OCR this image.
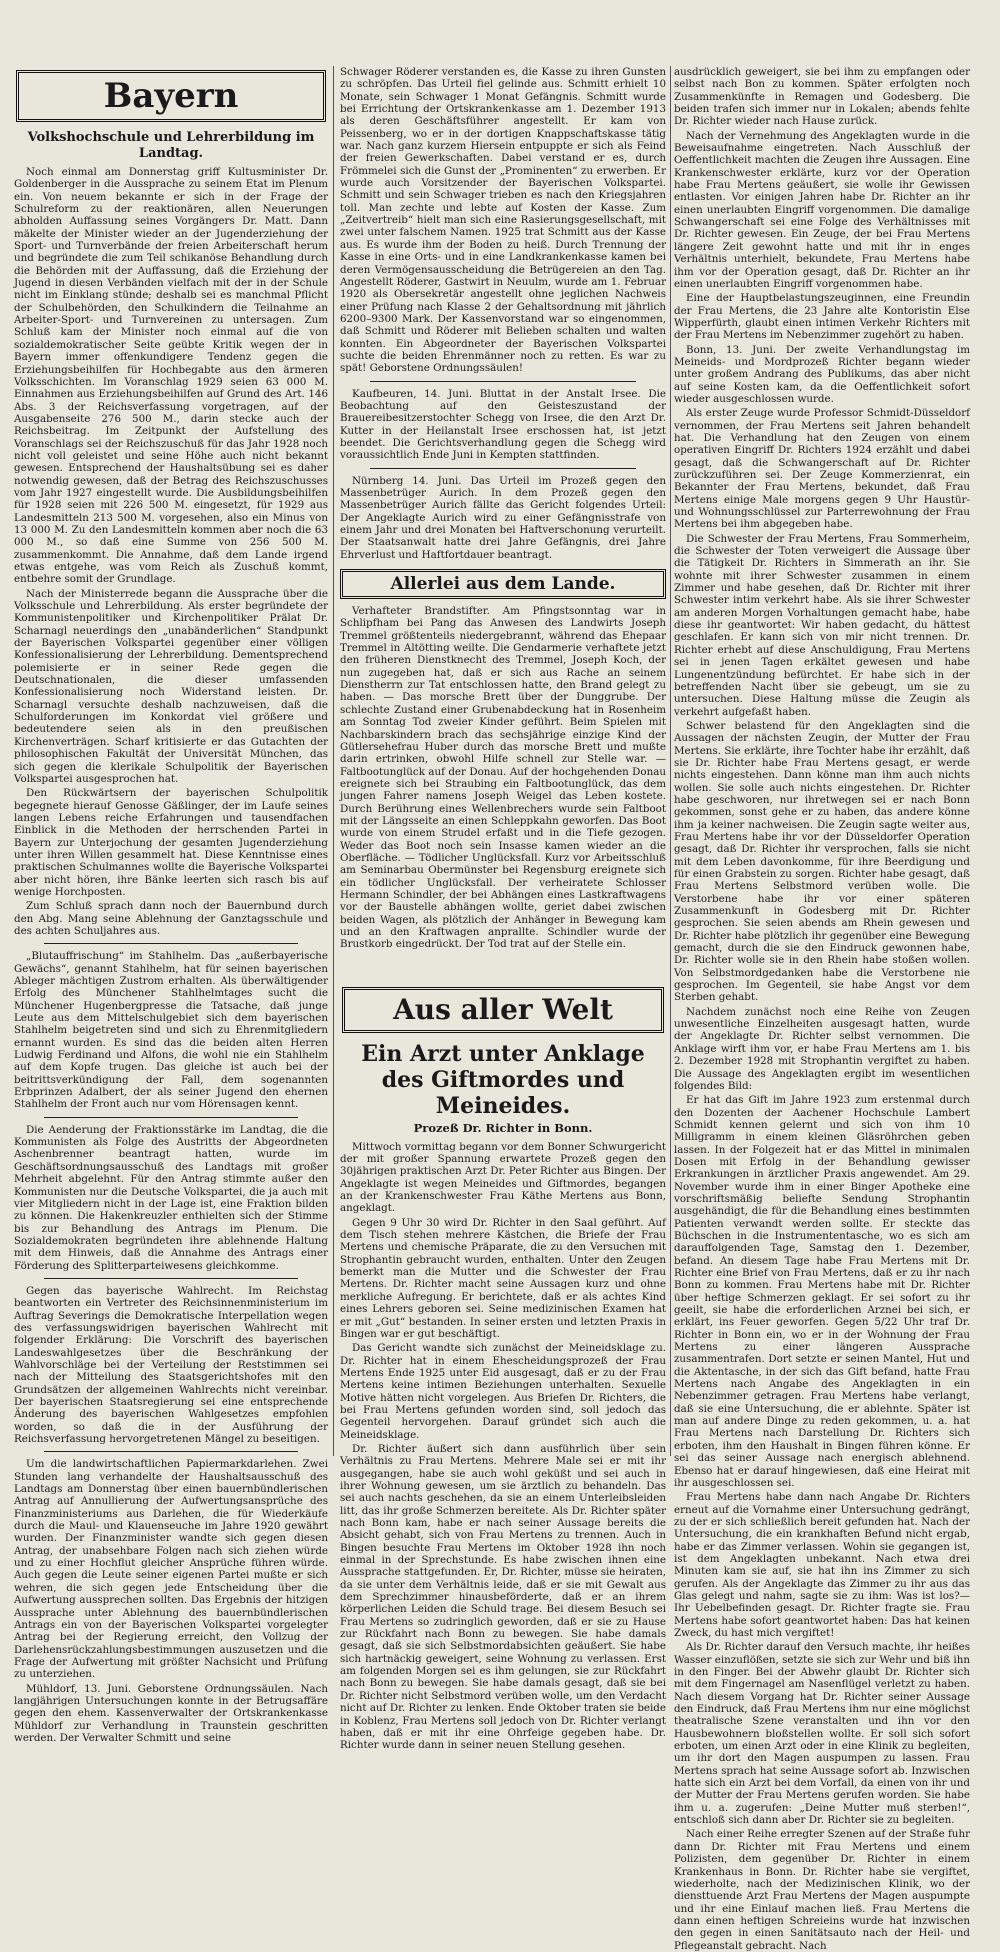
Bayern
Volkshochschule und Lehrerbildung im Landtag.

Noch einmal am Donnerstag griff Kultusminister Dr. Goldenberger in die Aussprache zu seinem Etat im Plenum ein. Von neuem bekannte er sich in der Frage der Schulreform zu der reaktionären, allen Neuerungen abholden Auffassung seines Vorgängers Dr. Matt. Dann mäkelte der Minister wieder an der Jugenderziehung der Sport- und Turnverbände der freien Arbeiterschaft herum und begründete die zum Teil schikanöse Behandlung durch die Behörden mit der Auffassung, daß die Erziehung der Jugend in diesen Verbänden vielfach mit der in der Schule nicht im Einklang stünde; deshalb sei es manchmal Pflicht der Schulbehörden, den Schulkindern die Teilnahme an Arbeiter-Sport- und Turnvereinen zu untersagen. Zum Schluß kam der Minister noch einmal auf die von sozialdemokratischer Seite geübte Kritik wegen der in Bayern immer offenkundigere Tendenz gegen die Erziehungsbeihilfen für Hochbegabte aus den ärmeren Volksschichten. Im Voranschlag 1929 seien 63 000 M. Einnahmen aus Erziehungsbeihilfen auf Grund des Art. 146 Abs. 3 der Reichsverfassung vorgetragen, auf der Ausgabenseite 276 500 M., darin stecke auch der Reichsbeitrag. Im Zeitpunkt der Aufstellung des Voranschlags sei der Reichszuschuß für das Jahr 1928 noch nicht voll geleistet und seine Höhe auch nicht bekannt gewesen. Entsprechend der Haushaltsübung sei es daher notwendig gewesen, daß der Betrag des Reichszuschusses vom Jahr 1927 eingestellt wurde. Die Ausbildungsbeihilfen für 1928 seien mit 226 500 M. eingesetzt, für 1929 aus Landesmitteln 213 500 M. vorgesehen, also ein Minus von 13 000 M. Zu den Landesmitteln kommen aber noch die 63 000 M., so daß eine Summe von 256 500 M. zusammenkommt. Die Annahme, daß dem Lande irgend etwas entgehe, was vom Reich als Zuschuß kommt, entbehre somit der Grundlage.

Nach der Ministerrede begann die Aussprache über die Volksschule und Lehrerbildung. Als erster begründete der Kommunistenpolitiker und Kirchenpolitiker Prälat Dr. Scharnagl neuerdings den „unabänderlichen“ Standpunkt der Bayerischen Volkspartei gegenüber einer völligen Konfessionalisierung der Lehrerbildung. Dementsprechend polemisierte er in seiner Rede gegen die Deutschnationalen, die dieser umfassenden Konfessionalisierung noch Widerstand leisten. Dr. Scharnagl versuchte deshalb nachzuweisen, daß die Schulforderungen im Konkordat viel größere und bedeutendere seien als in den preußischen Kirchenverträgen. Scharf kritisierte er das Gutachten der philosophischen Fakultät der Universität München, das sich gegen die klerikale Schulpolitik der Bayerischen Volkspartei ausgesprochen hat.

Den Rückwärtsern der bayerischen Schulpolitik begegnete hierauf Genosse Gäßlinger, der im Laufe seines langen Lebens reiche Erfahrungen und tausendfachen Einblick in die Methoden der herrschenden Partei in Bayern zur Unterjochung der gesamten Jugenderziehung unter ihren Willen gesammelt hat. Diese Kenntnisse eines praktischen Schulmannes wollte die Bayerische Volkspartei aber nicht hören, ihre Bänke leerten sich rasch bis auf wenige Horchposten.

Zum Schluß sprach dann noch der Bauernbund durch den Abg. Mang seine Ablehnung der Ganztagsschule und des achten Schuljahres aus.

„Blutauffrischung“ im Stahlhelm. Das „außerbayerische Gewächs“, genannt Stahlhelm, hat für seinen bayerischen Ableger mächtigen Zustrom erhalten. Als überwältigender Erfolg des Münchener Stahlhelmtages sucht die Münchener Hugenbergpresse die Tatsache, daß junge Leute aus dem Mittelschulgebiet sich dem bayerischen Stahlhelm beigetreten sind und sich zu Ehrenmitgliedern ernannt wurden. Es sind das die beiden alten Herren Ludwig Ferdinand und Alfons, die wohl nie ein Stahlhelm auf dem Kopfe trugen. Das gleiche ist auch bei der beitrittsverkündigung der Fall, dem sogenannten Erbprinzen Adalbert, der als seiner Jugend den ehernen Stahlhelm der Front auch nur vom Hörensagen kennt.

Die Aenderung der Fraktionsstärke im Landtag, die die Kommunisten als Folge des Austritts der Abgeordneten Aschenbrenner beantragt hatten, wurde im Geschäftsordnungsausschuß des Landtags mit großer Mehrheit abgelehnt. Für den Antrag stimmte außer den Kommunisten nur die Deutsche Volkspartei, die ja auch mit vier Mitgliedern nicht in der Lage ist, eine Fraktion bilden zu können. Die Hakenkreuzler enthielten sich der Stimme bis zur Behandlung des Antrags im Plenum. Die Sozialdemokraten begründeten ihre ablehnende Haltung mit dem Hinweis, daß die Annahme des Antrags einer Förderung des Splitterparteiwesens gleichkomme.

Gegen das bayerische Wahlrecht. Im Reichstag beantworten ein Vertreter des Reichsinnenministerium im Auftrag Severings die Demokratische Interpellation wegen des verfassungswidrigen bayerischen Wahlrecht mit folgender Erklärung: Die Vorschrift des bayerischen Landeswahlgesetzes über die Beschränkung der Wahlvorschläge bei der Verteilung der Reststimmen sei nach der Mitteilung des Staatsgerichtshofes mit den Grundsätzen der allgemeinen Wahlrechts nicht vereinbar. Der bayerischen Staatsregierung sei eine entsprechende Änderung des bayerischen Wahlgesetzes empfohlen worden, so daß die in der Ausführung der Reichsverfassung hervorgetretenen Mängel zu beseitigen.

Um die landwirtschaftlichen Papiermarkdarlehen. Zwei Stunden lang verhandelte der Haushaltsausschuß des Landtags am Donnerstag über einen bauernbündlerischen Antrag auf Annullierung der Aufwertungsansprüche des Finanzministeriums aus Darlehen, die für Wiederkäufe durch die Maul- und Klauenseuche im Jahre 1920 gewährt wurden. Der Finanzminister wandte sich gegen diesen Antrag, der unabsehbare Folgen nach sich ziehen würde und zu einer Hochflut gleicher Ansprüche führen würde. Auch gegen die Leute seiner eigenen Partei mußte er sich wehren, die sich gegen jede Entscheidung über die Aufwertung aussprechen sollten. Das Ergebnis der hitzigen Aussprache unter Ablehnung des bauernbündlerischen Antrags ein von der Bayerischen Volkspartei vorgelegter Antrag bei der Regierung erreicht, den Vollzug der Darlehensrückzahlungsbestimmungen auszusetzen und die Frage der Aufwertung mit größter Nachsicht und Prüfung zu unterziehen.

Mühldorf, 13. Juni. Geborstene Ordnungssäulen. Nach langjährigen Untersuchungen konnte in der Betrugsaffäre gegen den ehem. Kassenverwalter der Ortskrankenkasse Mühldorf zur Verhandlung in Traunstein geschritten werden. Der Verwalter Schmitt und seine

Schwager Röderer verstanden es, die Kasse zu ihren Gunsten zu schröpfen. Das Urteil fiel gelinde aus. Schmitt erhielt 10 Monate, sein Schwager 1 Monat Gefängnis. Schmitt wurde bei Errichtung der Ortskrankenkasse am 1. Dezember 1913 als deren Geschäftsführer angestellt. Er kam von Peissenberg, wo er in der dortigen Knappschaftskasse tätig war. Nach ganz kurzem Hiersein entpuppte er sich als Feind der freien Gewerkschaften. Dabei verstand er es, durch Frömmelei sich die Gunst der „Prominenten“ zu erwerben. Er wurde auch Vorsitzender der Bayerischen Volkspartei. Schmitt und sein Schwager trieben es nach den Kriegsjahren toll. Man zechte und lebte auf Kosten der Kasse. Zum „Zeitvertreib“ hielt man sich eine Rasierungsgesellschaft, mit zwei unter falschem Namen. 1925 trat Schmitt aus der Kasse aus. Es wurde ihm der Boden zu heiß. Durch Trennung der Kasse in eine Orts- und in eine Landkrankenkasse kamen bei deren Vermögensausscheidung die Betrügereien an den Tag. Angestellt Röderer, Gastwirt in Neuulm, wurde am 1. Februar 1920 als Obersekretär angestellt ohne jeglichen Nachweis einer Prüfung nach Klasse 2 der Gehaltsordnung mit jährlich 6200–9300 Mark. Der Kassenvorstand war so eingenommen, daß Schmitt und Röderer mit Belieben schalten und walten konnten. Ein Abgeordneter der Bayerischen Volkspartei suchte die beiden Ehrenmänner noch zu retten. Es war zu spät! Geborstene Ordnungssäulen!

Kaufbeuren, 14. Juni. Bluttat in der Anstalt Irsee. Die Beobachtung auf den Geisteszustand der Brauereibesitzerstochter Schegg von Irsee, die den Arzt Dr. Kutter in der Heilanstalt Irsee erschossen hat, ist jetzt beendet. Die Gerichtsverhandlung gegen die Schegg wird voraussichtlich Ende Juni in Kempten stattfinden.

Nürnberg 14. Juni. Das Urteil im Prozeß gegen den Massenbetrüger Aurich. In dem Prozeß gegen den Massenbetrüger Aurich fällte das Gericht folgendes Urteil: Der Angeklagte Aurich wird zu einer Gefängnisstrafe von einem Jahr und drei Monaten bei Haftverschonung verurteilt. Der Staatsanwalt hatte drei Jahre Gefängnis, drei Jahre Ehrverlust und Haftfortdauer beantragt.

Allerlei aus dem Lande.

Verhafteter Brandstifter. Am Pfingstsonntag war in Schlipfham bei Pang das Anwesen des Landwirts Joseph Tremmel größtenteils niedergebrannt, während das Ehepaar Tremmel in Altötting weilte. Die Gendarmerie verhaftete jetzt den früheren Dienstknecht des Tremmel, Joseph Koch, der nun zugegeben hat, daß er sich aus Rache an seinem Dienstherrn zur Tat entschlossen hatte, den Brand gelegt zu haben. — Das morsche Brett über der Dunggrube. Der schlechte Zustand einer Grubenabdeckung hat in Rosenheim am Sonntag Tod zweier Kinder geführt. Beim Spielen mit Nachbarskindern brach das sechsjährige einzige Kind der Gütlersehefrau Huber durch das morsche Brett und mußte darin ertrinken, obwohl Hilfe schnell zur Stelle war. — Faltbootunglück auf der Donau. Auf der hochgehenden Donau ereignete sich bei Straubing ein Faltbootunglück, das dem jungen Fahrer namens Joseph Weigel das Leben kostete. Durch Berührung eines Wellenbrechers wurde sein Faltboot mit der Längsseite an einen Schleppkahn geworfen. Das Boot wurde von einem Strudel erfaßt und in die Tiefe gezogen. Weder das Boot noch sein Insasse kamen wieder an die Oberfläche. — Tödlicher Unglücksfall. Kurz vor Arbeitsschluß am Seminarbau Obermünster bei Regensburg ereignete sich ein tödlicher Unglücksfall. Der verheiratete Schlosser Hermann Schindler, der bei Abhängen eines Lastkraftwagens vor der Baustelle abhängen wollte, geriet dabei zwischen beiden Wagen, als plötzlich der Anhänger in Bewegung kam und an den Kraftwagen anprallte. Schindler wurde der Brustkorb eingedrückt. Der Tod trat auf der Stelle ein.

Aus aller Welt
Ein Arzt unter Anklage des Giftmordes und Meineides.
Prozeß Dr. Richter in Bonn.

Mittwoch vormittag begann vor dem Bonner Schwurgericht der mit großer Spannung erwartete Prozeß gegen den 30jährigen praktischen Arzt Dr. Peter Richter aus Bingen. Der Angeklagte ist wegen Meineides und Giftmordes, begangen an der Krankenschwester Frau Käthe Mertens aus Bonn, angeklagt.

Gegen 9 Uhr 30 wird Dr. Richter in den Saal geführt. Auf dem Tisch stehen mehrere Kästchen, die Briefe der Frau Mertens und chemische Präparate, die zu den Versuchen mit Strophantin gebraucht wurden, enthalten. Unter den Zeugen bemerkt man die Mutter und die Schwester der Frau Mertens. Dr. Richter macht seine Aussagen kurz und ohne merkliche Aufregung. Er berichtete, daß er als achtes Kind eines Lehrers geboren sei. Seine medizinischen Examen hat er mit „Gut“ bestanden. In seiner ersten und letzten Praxis in Bingen war er gut beschäftigt.

Das Gericht wandte sich zunächst der Meineidsklage zu. Dr. Richter hat in einem Ehescheidungsprozeß der Frau Mertens Ende 1925 unter Eid ausgesagt, daß er zu der Frau Mertens keine intimen Beziehungen unterhalten. Sexuelle Motive hätten nicht vorgelegen. Aus Briefen Dr. Richters, die bei Frau Mertens gefunden worden sind, soll jedoch das Gegenteil hervorgehen. Darauf gründet sich auch die Meineidsklage.

Dr. Richter äußert sich dann ausführlich über sein Verhältnis zu Frau Mertens. Mehrere Male sei er mit ihr ausgegangen, habe sie auch wohl geküßt und sei auch in ihrer Wohnung gewesen, um sie ärztlich zu behandeln. Das sei auch nachts geschehen, da sie an einem Unterleibsleiden litt, das ihr große Schmerzen bereitete. Als Dr. Richter später nach Bonn kam, habe er nach seiner Aussage bereits die Absicht gehabt, sich von Frau Mertens zu trennen. Auch in Bingen besuchte Frau Mertens im Oktober 1928 ihn noch einmal in der Sprechstunde. Es habe zwischen ihnen eine Aussprache stattgefunden. Er, Dr. Richter, müsse sie heiraten, da sie unter dem Verhältnis leide, daß er sie mit Gewalt aus dem Sprechzimmer hinausbeförderte, daß er an ihrem körperlichen Leiden die Schuld trage. Bei diesem Besuch sei Frau Mertens so zudringlich geworden, daß er sie zu Hause zur Rückfahrt nach Bonn zu bewegen. Sie habe damals gesagt, daß sie sich Selbstmordabsichten geäußert. Sie habe sich hartnäckig geweigert, seine Wohnung zu verlassen. Erst am folgenden Morgen sei es ihm gelungen, sie zur Rückfahrt nach Bonn zu bewegen. Sie habe damals gesagt, daß sie bei Dr. Richter nicht Selbstmord verüben wolle, um den Verdacht nicht auf Dr. Richter zu lenken. Ende Oktober traten sie beide in Koblenz, Frau Mertens soll jedoch von Dr. Richter verlangt haben, daß er mit ihr eine Ohrfeige gegeben habe. Dr. Richter wurde dann in seiner neuen Stellung gesehen.

ausdrücklich geweigert, sie bei ihm zu empfangen oder selbst nach Bon zu kommen. Später erfolgten noch Zusammenkünfte in Remagen und Godesberg. Die beiden trafen sich immer nur in Lokalen; abends fehlte Dr. Richter wieder nach Hause zurück.

Nach der Vernehmung des Angeklagten wurde in die Beweisaufnahme eingetreten. Nach Ausschluß der Oeffentlichkeit machten die Zeugen ihre Aussagen. Eine Krankenschwester erklärte, kurz vor der Operation habe Frau Mertens geäußert, sie wolle ihr Gewissen entlasten. Vor einigen Jahren habe Dr. Richter an ihr einen unerlaubten Eingriff vorgenommen. Die damalige Schwangerschaft sei eine Folge des Verhältnisses mit Dr. Richter gewesen. Ein Zeuge, der bei Frau Mertens längere Zeit gewohnt hatte und mit ihr in enges Verhältnis unterhielt, bekundete, Frau Mertens habe ihm vor der Operation gesagt, daß Dr. Richter an ihr einen unerlaubten Eingriff vorgenommen habe.

Eine der Hauptbelastungszeuginnen, eine Freundin der Frau Mertens, die 23 Jahre alte Kontoristin Else Wipperfürth, glaubt einen intimen Verkehr Richters mit der Frau Mertens im Nebenzimmer zugehört zu haben.

Bonn, 13. Juni. Der zweite Verhandlungstag im Meineids- und Mordprozeß Richter begann wieder unter großem Andrang des Publikums, das aber nicht auf seine Kosten kam, da die Oeffentlichkeit sofort wieder ausgeschlossen wurde.

Als erster Zeuge wurde Professor Schmidt-Düsseldorf vernommen, der Frau Mertens seit Jahren behandelt hat. Die Verhandlung hat den Zeugen von einem operativen Eingriff Dr. Richters 1924 erzählt und dabei gesagt, daß die Schwangerschaft auf Dr. Richter zurückzuführen sei. Der Zeuge Kommerzienrat, ein Bekannter der Frau Mertens, bekundet, daß Frau Mertens einige Male morgens gegen 9 Uhr Haustür- und Wohnungsschlüssel zur Parterrewohnung der Frau Mertens bei ihm abgegeben habe.

Die Schwester der Frau Mertens, Frau Sommerheim, die Schwester der Toten verweigert die Aussage über die Tätigkeit Dr. Richters in Simmerath an ihr. Sie wohnte mit ihrer Schwester zusammen in einem Zimmer und habe gesehen, daß Dr. Richter mit ihrer Schwester intim verkehrt habe. Als sie ihrer Schwester am anderen Morgen Vorhaltungen gemacht habe, habe diese ihr geantwortet: Wir haben gedacht, du hättest geschlafen. Er kann sich von mir nicht trennen. Dr. Richter erhebt auf diese Anschuldigung, Frau Mertens sei in jenen Tagen erkältet gewesen und habe Lungenentzündung befürchtet. Er habe sich in der betreffenden Nacht über sie gebeugt, um sie zu untersuchen. Diese Haltung müsse die Zeugin als verkehrt aufgefaßt haben.

Schwer belastend für den Angeklagten sind die Aussagen der nächsten Zeugin, der Mutter der Frau Mertens. Sie erklärte, ihre Tochter habe ihr erzählt, daß sie Dr. Richter habe Frau Mertens gesagt, er werde nichts eingestehen. Dann könne man ihm auch nichts wollen. Sie solle auch nichts eingestehen. Dr. Richter habe geschworen, nur ihretwegen sei er nach Bonn gekommen, sonst gehe er zu haben, das andere könne ihm ja keiner nachweisen. Die Zeugin sagte weiter aus, Frau Mertens habe ihr vor der Düsseldorfer Operation gesagt, daß Dr. Richter ihr versprochen, falls sie nicht mit dem Leben davonkomme, für ihre Beerdigung und für einen Grabstein zu sorgen. Richter habe gesagt, daß Frau Mertens Selbstmord verüben wolle. Die Verstorbene habe ihr vor einer späteren Zusammenkunft in Godesberg mit Dr. Richter gesprochen. Sie seien abends am Rhein gewesen und Dr. Richter habe plötzlich ihr gegenüber eine Bewegung gemacht, durch die sie den Eindruck gewonnen habe, Dr. Richter wolle sie in den Rhein habe stoßen wollen. Von Selbstmordgedanken habe die Verstorbene nie gesprochen. Im Gegenteil, sie habe Angst vor dem Sterben gehabt.

Nachdem zunächst noch eine Reihe von Zeugen unwesentliche Einzelheiten ausgesagt hatten, wurde der Angeklagte Dr. Richter selbst vernommen. Die Anklage wirft ihm vor, er habe Frau Mertens am 1. bis 2. Dezember 1928 mit Strophantin vergiftet zu haben. Die Aussage des Angeklagten ergibt im wesentlichen folgendes Bild:

Er hat das Gift im Jahre 1923 zum erstenmal durch den Dozenten der Aachener Hochschule Lambert Schmidt kennen gelernt und sich von ihm 10 Milligramm in einem kleinen Gläsröhrchen geben lassen. In der Folgezeit hat er das Mittel in minimalen Dosen mit Erfolg in der Behandlung gewisser Erkrankungen in ärztlicher Praxis angewendet. Am 29. November wurde ihm in einer Binger Apotheke eine vorschriftsmäßig beliefte Sendung Strophantin ausgehändigt, die für die Behandlung eines bestimmten Patienten verwandt werden sollte. Er steckte das Büchschen in die Instrumententasche, wo es sich am darauffolgenden Tage, Samstag den 1. Dezember, befand. An diesem Tage habe Frau Mertens mit Dr. Richter eine Brief von Frau Mertens, daß er zu ihr nach Bonn zu kommen. Frau Mertens habe mit Dr. Richter über heftige Schmerzen geklagt. Er sei sofort zu ihr geeilt, sie habe die erforderlichen Arznei bei sich, er erklärt, ins Feuer geworfen. Gegen 5/22 Uhr traf Dr. Richter in Bonn ein, wo er in der Wohnung der Frau Mertens zu einer längeren Aussprache zusammentrafen. Dort setzte er seinen Mantel, Hut und die Aktentasche, in der sich das Gift befand, hatte Frau Mertens nach Angabe des Angeklagten in ein Nebenzimmer getragen. Frau Mertens habe verlangt, daß sie eine Untersuchung, die er ablehnte. Später ist man auf andere Dinge zu reden gekommen, u. a. hat Frau Mertens nach Darstellung Dr. Richters sich erboten, ihm den Haushalt in Bingen führen könne. Er sei das seiner Aussage nach energisch ablehnend. Ebenso hat er darauf hingewiesen, daß eine Heirat mit ihr ausgeschlossen sei.

Frau Mertens habe dann nach Angabe Dr. Richters erneut auf die Vornahme einer Untersuchung gedrängt, zu der er sich schließlich bereit gefunden hat. Nach der Untersuchung, die ein krankhaften Befund nicht ergab, habe er das Zimmer verlassen. Wohin sie gegangen ist, ist dem Angeklagten unbekannt. Nach etwa drei Minuten kam sie auf, sie hat ihn ins Zimmer zu sich gerufen. Als der Angeklagte das Zimmer zu ihr aus das Glas gelegt und nahm, sagte sie zu ihm: Was ist los?—Ihr Uebelbefinden gesagt. Dr. Richter fragte sie. Frau Mertens habe sofort geantwortet haben: Das hat keinen Zweck, du hast mich vergiftet!

Als Dr. Richter darauf den Versuch machte, ihr heißes Wasser einzuflößen, setzte sie sich zur Wehr und biß ihn in den Finger. Bei der Abwehr glaubt Dr. Richter sich mit dem Fingernagel am Nasenflügel verletzt zu haben. Nach diesem Vorgang hat Dr. Richter seiner Aussage den Eindruck, daß Frau Mertens ihm nur eine möglichst theatralische Szene veranstalten und ihn vor den Hausbewohnern bloßstellen wollte. Er soll sich sofort erboten, um einen Arzt oder in eine Klinik zu begleiten, um ihr dort den Magen auspumpen zu lassen. Frau Mertens sprach hat seine Aussage sofort ab. Inzwischen hatte sich ein Arzt bei dem Vorfall, da einen von ihr und der Mutter der Frau Mertens gerufen worden. Sie habe ihm u. a. zugerufen: „Deine Mutter muß sterben!“, entschloß sich dann aber Dr. Richter sie zu begleiten.

Nach einer Reihe erregter Szenen auf der Straße fuhr dann Dr. Richter mit Frau Mertens und einem Polizisten, dem gegenüber Dr. Richter in einem Krankenhaus in Bonn. Dr. Richter habe sie vergiftet, wiederholte, nach der Medizinischen Klinik, wo der diensttuende Arzt Frau Mertens der Magen auspumpte und ihr eine Einlauf machen ließ. Frau Mertens die dann einen heftigen Schreieins wurde hat inzwischen den gegen in einen Sanitätsauto nach der Heil- und Pflegeanstalt gebracht. Nach
